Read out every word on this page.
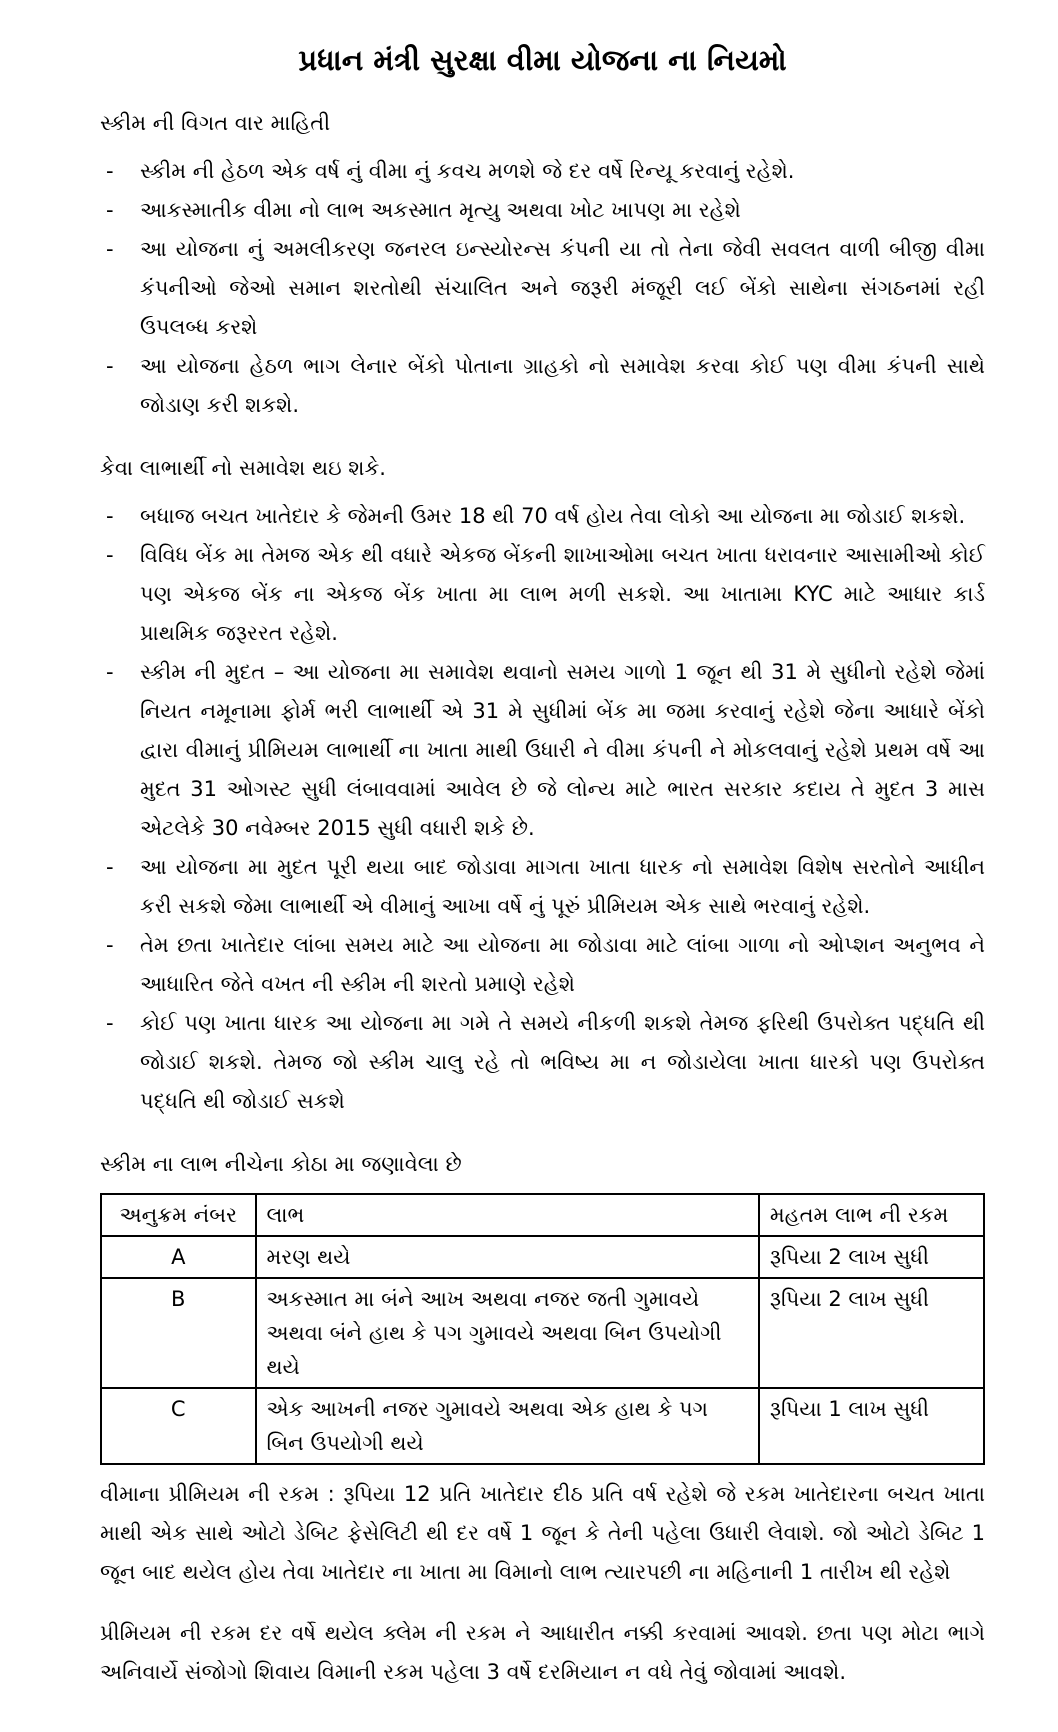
પ્રધાન મંત્રી સુરક્ષા વીમા યોજના ના નિયમો

સ્કીમ ની વિગત વાર માહિતી

-	સ્કીમ ની હેઠળ એક વર્ષ નું વીમા નું કવચ મળશે જે દર વર્ષે રિન્યૂ કરવાનું રહેશે.
-	આકસ્માતીક વીમા નો લાભ અકસ્માત મૃત્યુ અથવા ખોટ ખાપણ મા રહેશે
-	આ યોજના નું અમલીકરણ જનરલ ઇન્સ્યોરન્સ કંપની યા તો તેના જેવી સવલત વાળી બીજી વીમા કંપનીઓ જેઓ સમાન શરતોથી સંચાલિત અને જરૂરી મંજૂરી લઈ બેંકો સાથેના સંગઠનમાં રહી ઉપલબ્ધ કરશે
-	આ યોજના હેઠળ ભાગ લેનાર બેંકો પોતાના ગ્રાહકો નો સમાવેશ કરવા કોઈ પણ વીમા કંપની સાથે જોડાણ કરી શકશે.

કેવા લાભાર્થી નો સમાવેશ થઇ શકે.

-	બધાજ બચત ખાતેદાર કે જેમની ઉમર 18 થી 70 વર્ષ હોય તેવા લોકો આ યોજના મા જોડાઈ શકશે.
-	વિવિધ બેંક મા તેમજ એક થી વધારે એકજ બેંકની શાખાઓમા બચત ખાતા ધરાવનાર આસામીઓ કોઈ પણ એકજ બેંક ના એકજ બેંક ખાતા મા લાભ મળી સકશે. આ ખાતામા KYC માટે આધાર કાર્ડ પ્રાથમિક જરૂરરત રહેશે.
-	સ્કીમ ની મુદત – આ યોજના મા સમાવેશ થવાનો સમય ગાળો 1 જૂન થી 31 મે સુધીનો રહેશે જેમાં નિયત નમૂનામા ફોર્મ ભરી લાભાર્થી એ 31 મે સુધીમાં બેંક મા જમા કરવાનું રહેશે જેના આધારે બેંકો દ્વારા વીમાનું પ્રીમિયમ લાભાર્થી ના ખાતા માથી ઉધારી ને વીમા કંપની ને મોકલવાનું રહેશે પ્રથમ વર્ષે આ મુદત 31 ઓગસ્ટ સુધી લંબાવવામાં આવેલ છે જે લોન્ય માટે ભારત સરકાર કદાય તે મુદત 3 માસ એટલેકે 30 નવેમ્બર 2015 સુધી વધારી શકે છે.
-	આ યોજના મા મુદત પૂરી થયા બાદ જોડાવા માગતા ખાતા ધારક નો સમાવેશ વિશેષ સરતોને આધીન કરી સકશે જેમા લાભાર્થી એ વીમાનું આખા વર્ષે નું પૂરું પ્રીમિયમ એક સાથે ભરવાનું રહેશે.
-	તેમ છતા ખાતેદાર લાંબા સમય માટે આ યોજના મા જોડાવા માટે લાંબા ગાળા નો ઓપ્શન અનુભવ ને આધારિત જેતે વખત ની સ્કીમ ની શરતો પ્રમાણે રહેશે
-	કોઈ પણ ખાતા ધારક આ યોજના મા ગમે તે સમયે નીકળી શકશે તેમજ ફરિથી ઉપરોક્ત પદ્ધતિ થી જોડાઈ શકશે. તેમજ જો સ્કીમ ચાલુ રહે તો ભવિષ્ય મા ન જોડાયેલા ખાતા ધારકો પણ ઉપરોક્ત પદ્ધતિ થી જોડાઈ સકશે

સ્કીમ ના લાભ નીચેના કોઠા મા જણાવેલા છે

અનુક્રમ નંબર	લાભ	મહતમ લાભ ની રકમ
A	મરણ થયે	રૂપિયા 2 લાખ સુધી
B	અકસ્માત મા બંને આખ અથવા નજર જતી ગુમાવયે અથવા બંને હાથ કે પગ ગુમાવયે અથવા બિન ઉપયોગી થયે	રૂપિયા 2 લાખ સુધી
C	એક આખની નજર ગુમાવયે અથવા એક હાથ કે પગ બિન ઉપયોગી થયે	રૂપિયા 1 લાખ સુધી

વીમાના પ્રીમિયમ ની રકમ : રૂપિયા 12 પ્રતિ ખાતેદાર દીઠ પ્રતિ વર્ષ રહેશે જે રકમ ખાતેદારના બચત ખાતા માથી એક સાથે ઓટો ડેબિટ ફેસેલિટી થી દર વર્ષે 1 જૂન કે તેની પહેલા ઉધારી લેવાશે. જો ઓટો ડેબિટ 1 જૂન બાદ થયેલ હોય તેવા ખાતેદાર ના ખાતા મા વિમાનો લાભ ત્યારપછી ના મહિનાની 1 તારીખ થી રહેશે

પ્રીમિયમ ની રકમ દર વર્ષે થયેલ ક્લેમ ની રકમ ને આધારીત નક્કી કરવામાં આવશે. છતા પણ મોટા ભાગે અનિવાર્યે સંજોગો શિવાય વિમાની રકમ પહેલા 3 વર્ષે દરમિયાન ન વધે તેવું જોવામાં આવશે.
